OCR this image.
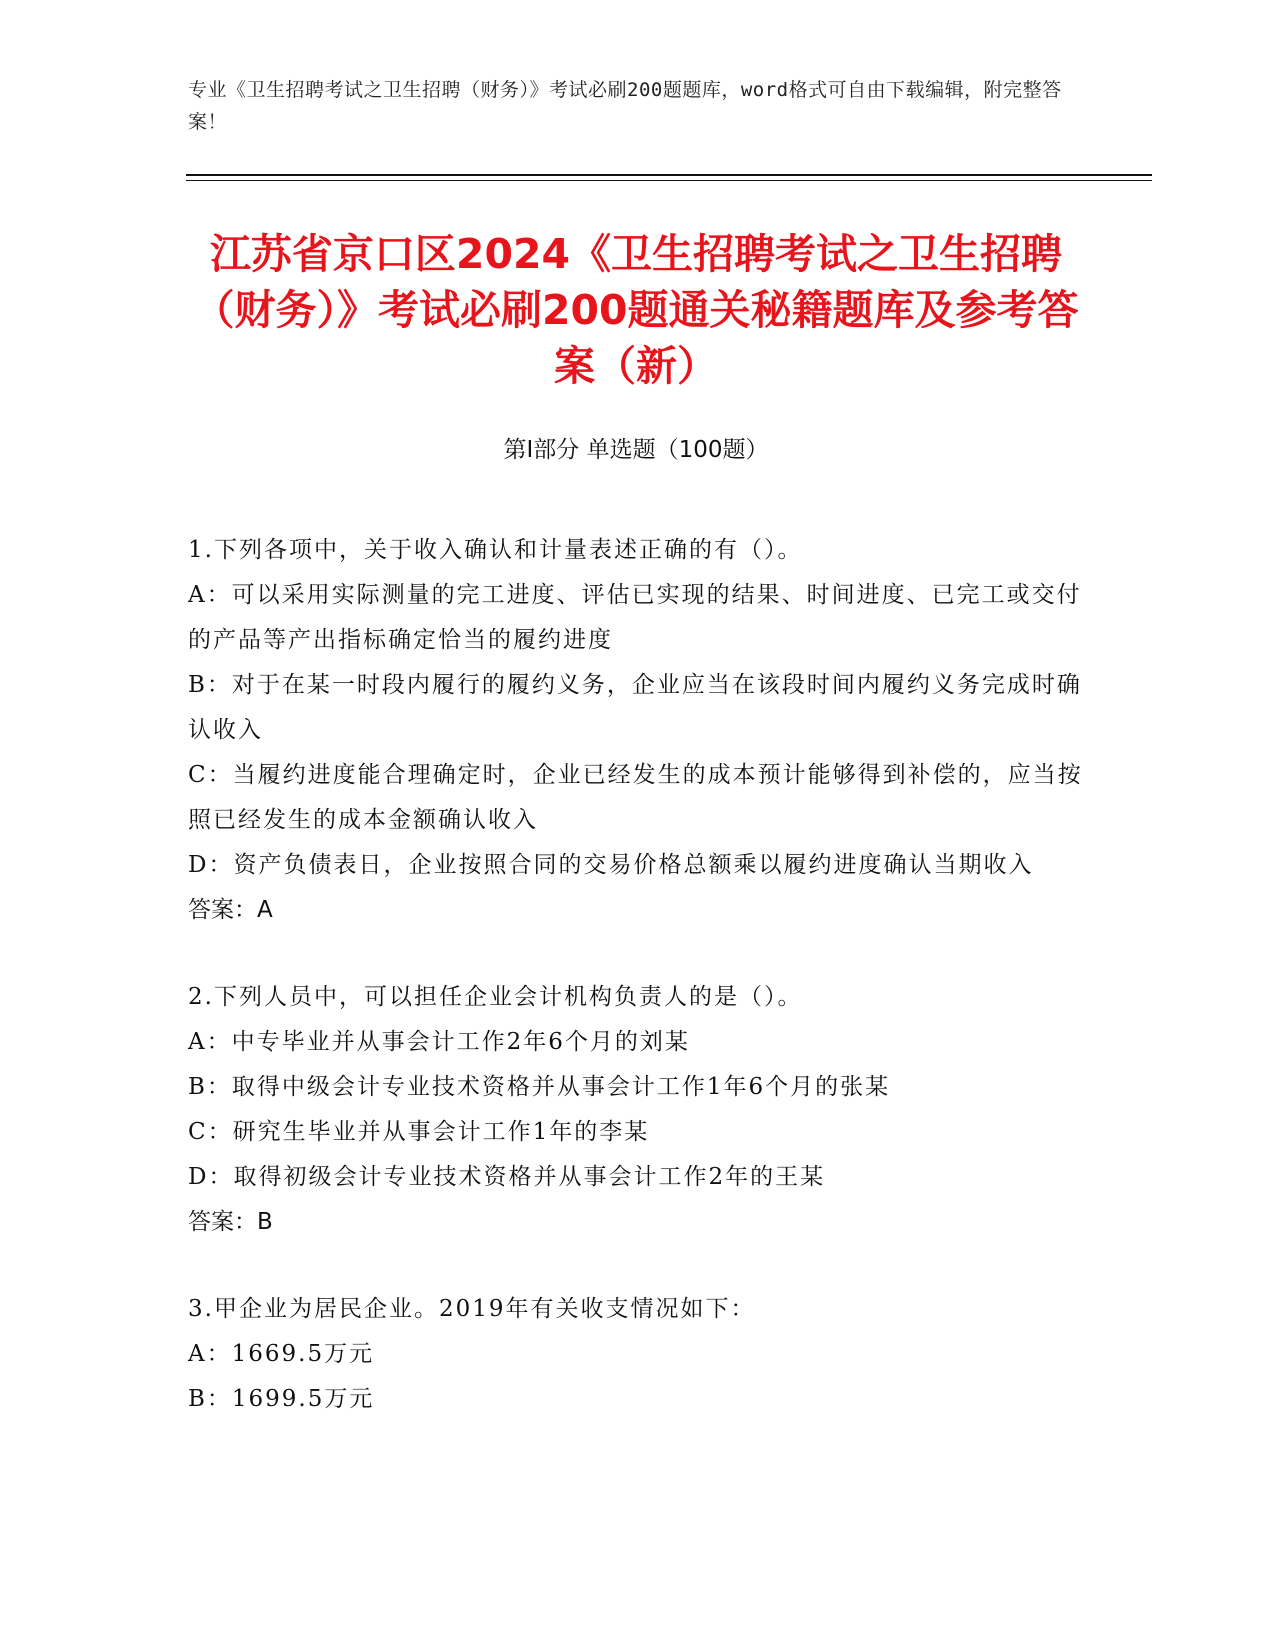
专业《卫生招聘考试之卫生招聘（财务）》考试必刷200题题库，word格式可自由下载编辑，附完整答案！
江苏省京口区2024《卫生招聘考试之卫生招聘（财务）》考试必刷200题通关秘籍题库及参考答案（新）
第Ⅰ部分 单选题（100题）
1.下列各项中，关于收入确认和计量表述正确的有（）。
A：可以采用实际测量的完工进度、评估已实现的结果、时间进度、已完工或交付的产品等产出指标确定恰当的履约进度
B：对于在某一时段内履行的履约义务，企业应当在该段时间内履约义务完成时确认收入
C：当履约进度能合理确定时，企业已经发生的成本预计能够得到补偿的，应当按照已经发生的成本金额确认收入
D：资产负债表日，企业按照合同的交易价格总额乘以履约进度确认当期收入
答案：A
2.下列人员中，可以担任企业会计机构负责人的是（）。
A：中专毕业并从事会计工作2年6个月的刘某
B：取得中级会计专业技术资格并从事会计工作1年6个月的张某
C：研究生毕业并从事会计工作1年的李某
D：取得初级会计专业技术资格并从事会计工作2年的王某
答案：B
3.甲企业为居民企业。2019年有关收支情况如下：
A：1669.5万元
B：1699.5万元
